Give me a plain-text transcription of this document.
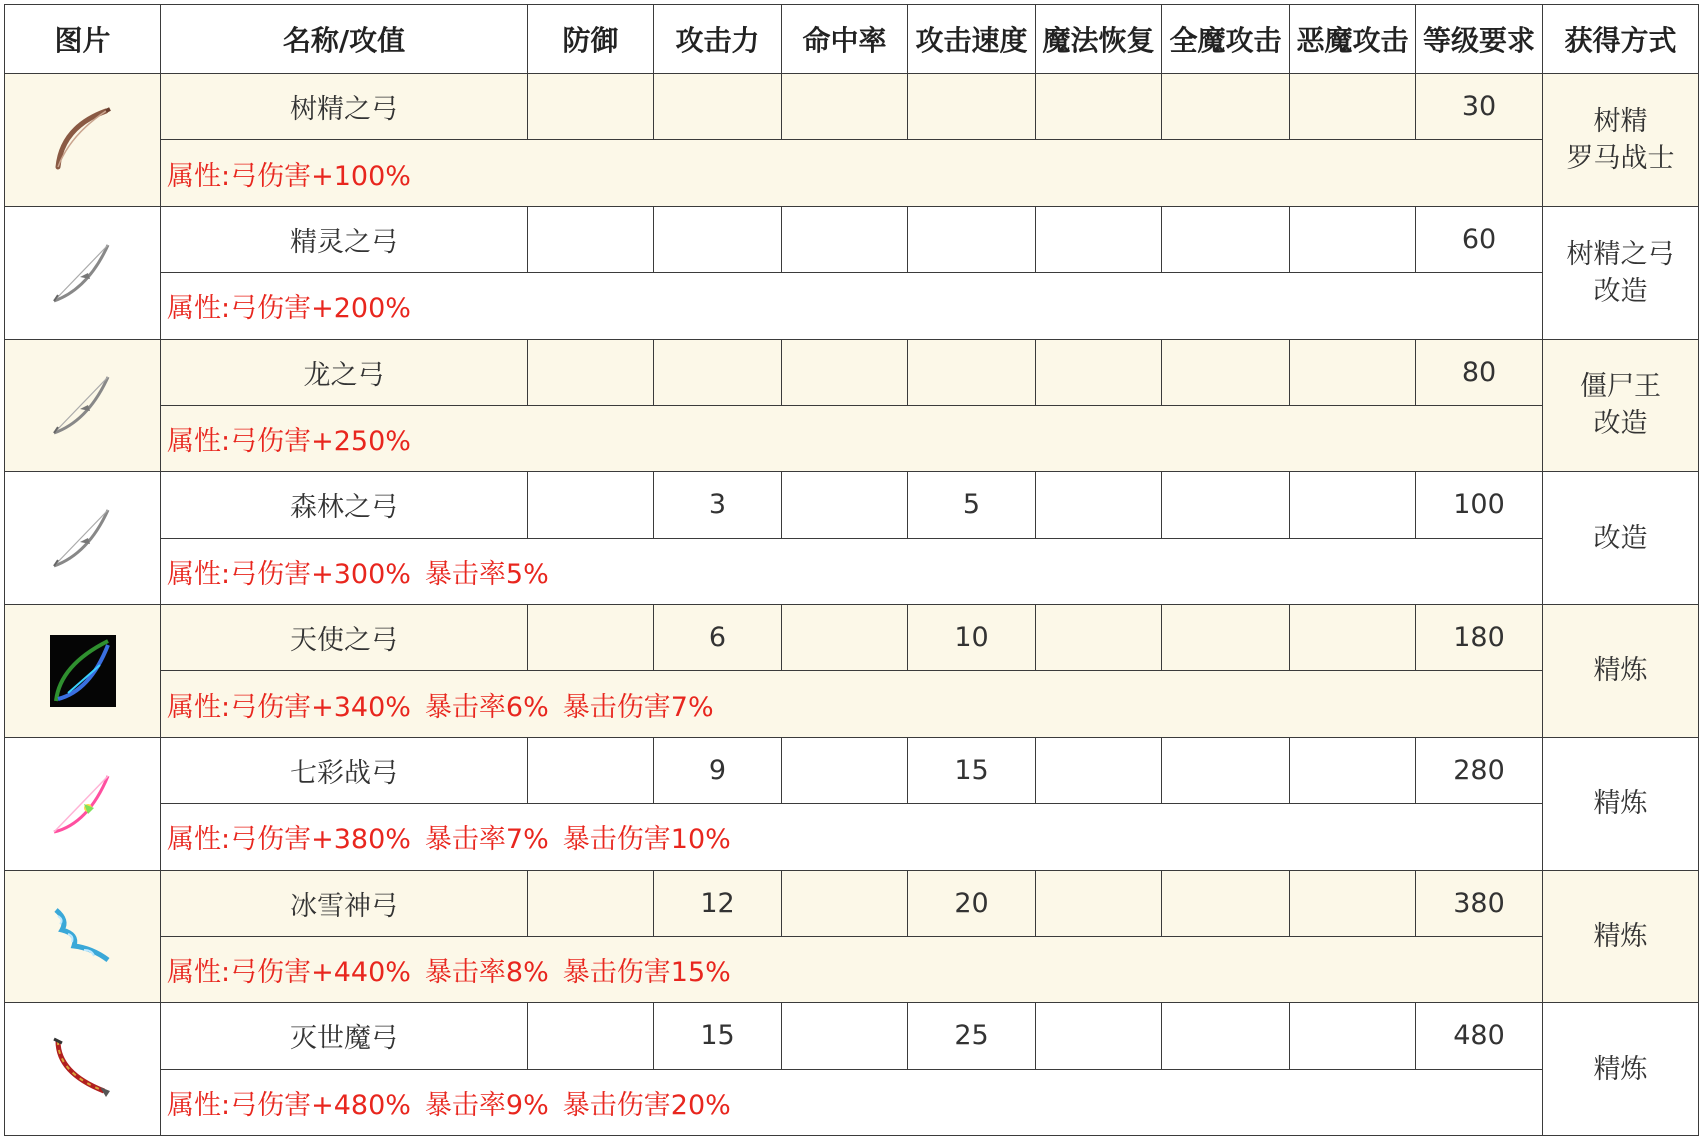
图片	名称/攻值	防御	攻击力	命中率	攻击速度	魔法恢复	全魔攻击	恶魔攻击	等级要求	获得方式

	树精之弓								30	树精
罗马战士

	属性:弓伤害+100%									

	精灵之弓								60	树精之弓
改造

	属性:弓伤害+200%									

	龙之弓								80	僵尸王
改造

	属性:弓伤害+250%									

	森林之弓		3		5				100	改造

	属性:弓伤害+300% 暴击率5%									

	天使之弓		6		10				180	精炼

	属性:弓伤害+340% 暴击率6% 暴击伤害7%									

	七彩战弓		9		15				280	精炼

	属性:弓伤害+380% 暴击率7% 暴击伤害10%									

	冰雪神弓		12		20				380	精炼

	属性:弓伤害+440% 暴击率8% 暴击伤害15%									

	灭世魔弓		15		25				480	精炼

	属性:弓伤害+480% 暴击率9% 暴击伤害20%									
